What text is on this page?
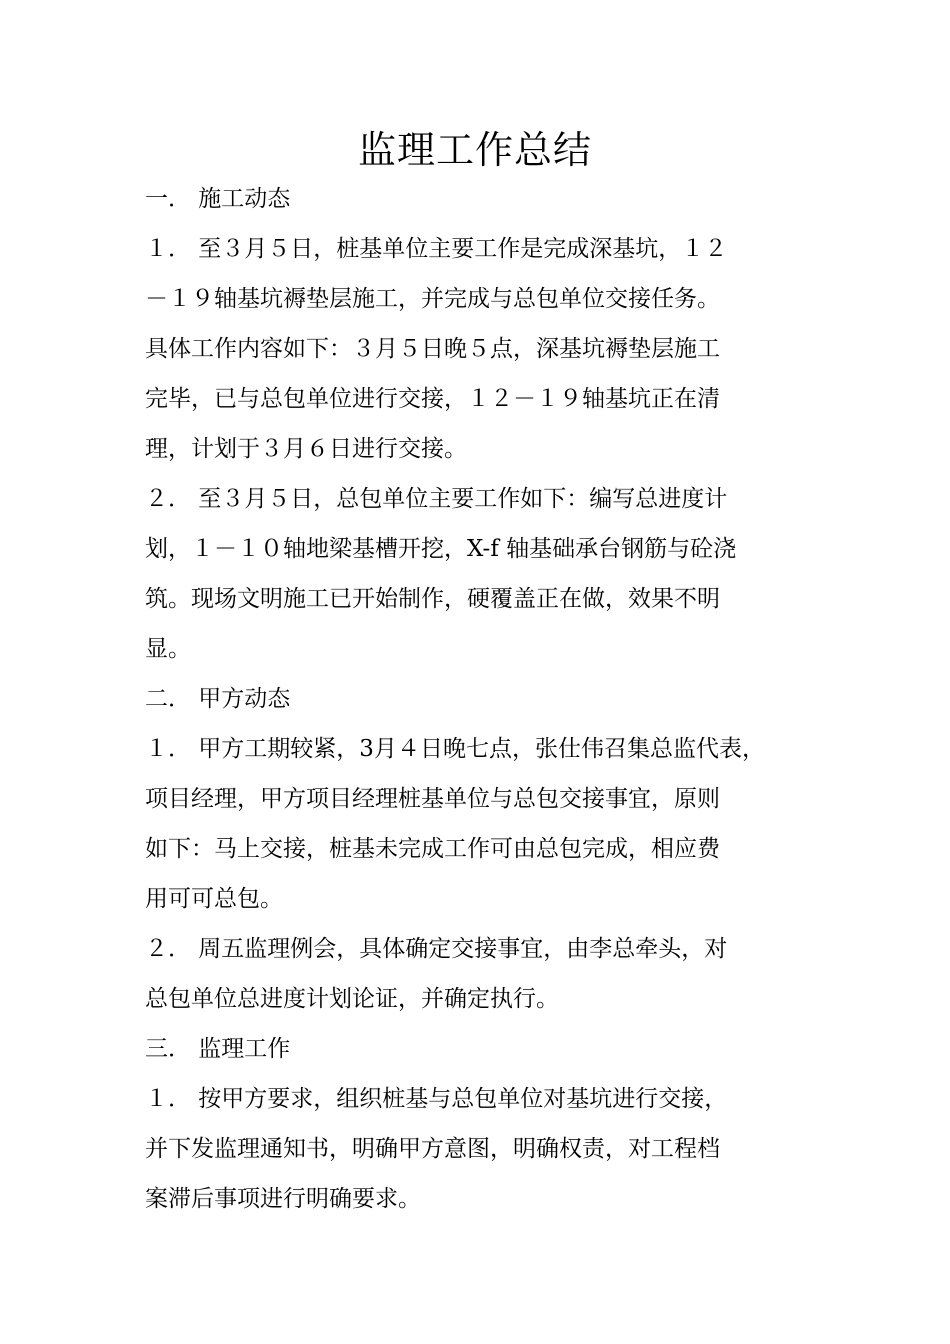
监理工作总结
一． 施工动态
１． 至３月５日，桩基单位主要工作是完成深基坑，１２
－１９轴基坑褥垫层施工，并完成与总包单位交接任务。
具体工作内容如下：３月５日晚５点，深基坑褥垫层施工
完毕，已与总包单位进行交接，１２－１９轴基坑正在清
理，计划于３月６日进行交接。
２． 至３月５日，总包单位主要工作如下：编写总进度计
划，１－１０轴地梁基槽开挖，X-f 轴基础承台钢筋与砼浇
筑。现场文明施工已开始制作，硬覆盖正在做，效果不明
显。
二． 甲方动态
１． 甲方工期较紧，3月４日晚七点，张仕伟召集总监代表，
项目经理，甲方项目经理桩基单位与总包交接事宜，原则
如下：马上交接，桩基未完成工作可由总包完成，相应费
用可可总包。
２． 周五监理例会，具体确定交接事宜，由李总牵头，对
总包单位总进度计划论证，并确定执行。
三． 监理工作
１． 按甲方要求，组织桩基与总包单位对基坑进行交接，
并下发监理通知书，明确甲方意图，明确权责，对工程档
案滞后事项进行明确要求。
